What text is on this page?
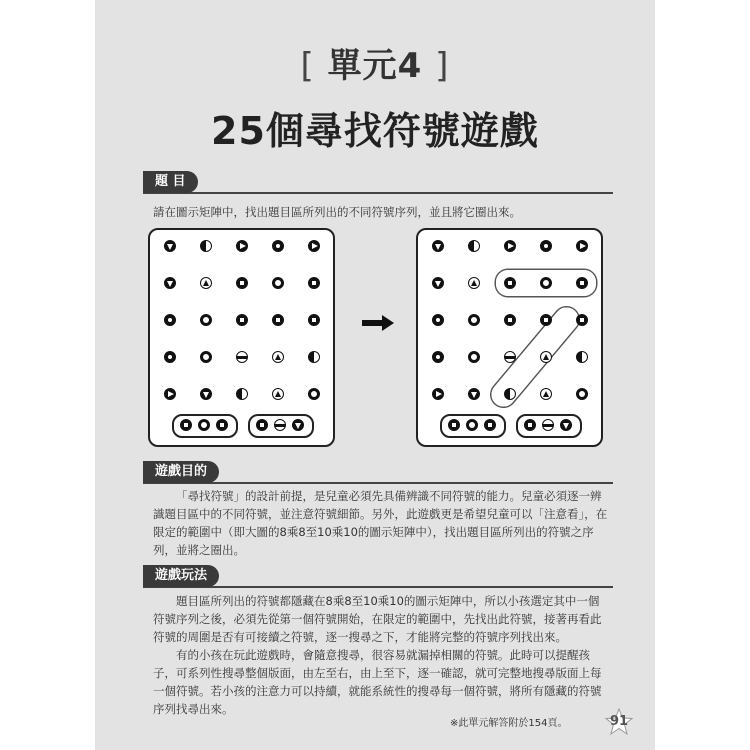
[ 單元4 ]
25個尋找符號遊戲
題 目
請在圖示矩陣中，找出題目區所列出的不同符號序列，並且將它圈出來。
遊戲目的

「尋找符號」的設計前提，是兒童必須先具備辨識不同符號的能力。兒童必須逐一辨識題目區中的不同符號，並注意符號細節。另外，此遊戲更是希望兒童可以「注意看」，在限定的範圍中（即大圖的8乘8至10乘10的圖示矩陣中），找出題目區所列出的符號之序列，並將之圈出。

遊戲玩法

題目區所列出的符號都隱藏在8乘8至10乘10的圖示矩陣中，所以小孩選定其中一個符號序列之後，必須先從第一個符號開始，在限定的範圍中，先找出此符號，接著再看此符號的周圍是否有可接續之符號，逐一搜尋之下，才能將完整的符號序列找出來。

有的小孩在玩此遊戲時，會隨意搜尋，很容易就漏掉相關的符號。此時可以提醒孩子，可系列性搜尋整個版面，由左至右，由上至下，逐一確認，就可完整地搜尋版面上每一個符號。若小孩的注意力可以持續，就能系統性的搜尋每一個符號，將所有隱藏的符號序列找尋出來。

※此單元解答附於154頁。	91
